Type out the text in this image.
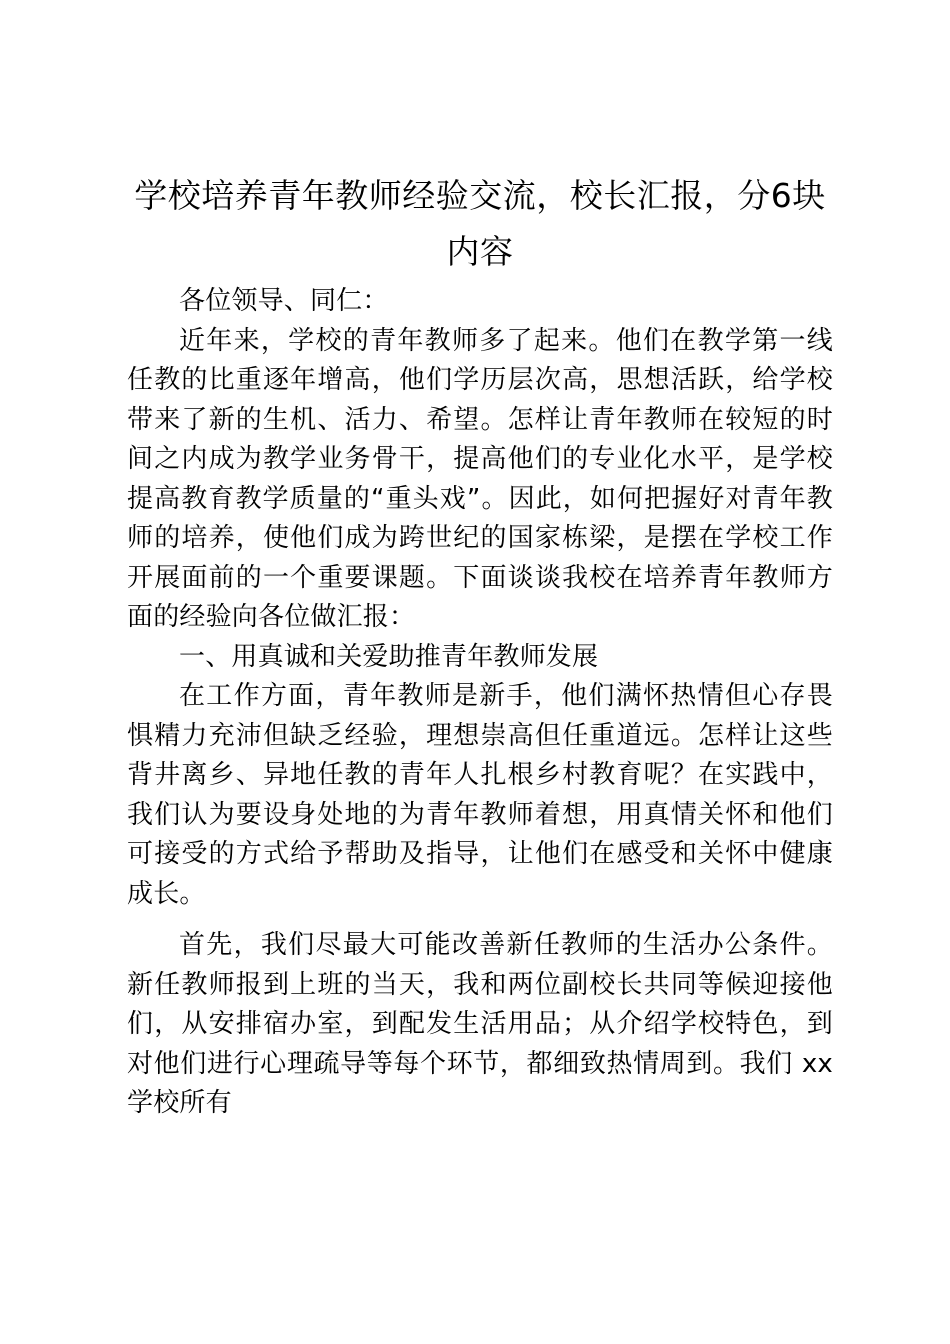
学校培养青年教师经验交流，校长汇报，分6块内容

各位领导、同仁：

近年来，学校的青年教师多了起来。他们在教学第一线任教的比重逐年增高，他们学历层次高，思想活跃，给学校带来了新的生机、活力、希望。怎样让青年教师在较短的时间之内成为教学业务骨干，提高他们的专业化水平，是学校提高教育教学质量的“重头戏”。因此，如何把握好对青年教师的培养，使他们成为跨世纪的国家栋梁，是摆在学校工作开展面前的一个重要课题。下面谈谈我校在培养青年教师方面的经验向各位做汇报：

一、用真诚和关爱助推青年教师发展

在工作方面，青年教师是新手，他们满怀热情但心存畏惧精力充沛但缺乏经验，理想崇高但任重道远。怎样让这些背井离乡、异地任教的青年人扎根乡村教育呢？在实践中，我们认为要设身处地的为青年教师着想，用真情关怀和他们可接受的方式给予帮助及指导，让他们在感受和关怀中健康成长。

首先，我们尽最大可能改善新任教师的生活办公条件。新任教师报到上班的当天，我和两位副校长共同等候迎接他们，从安排宿办室，到配发生活用品；从介绍学校特色，到对他们进行心理疏导等每个环节，都细致热情周到。我们 xx 学校所有
